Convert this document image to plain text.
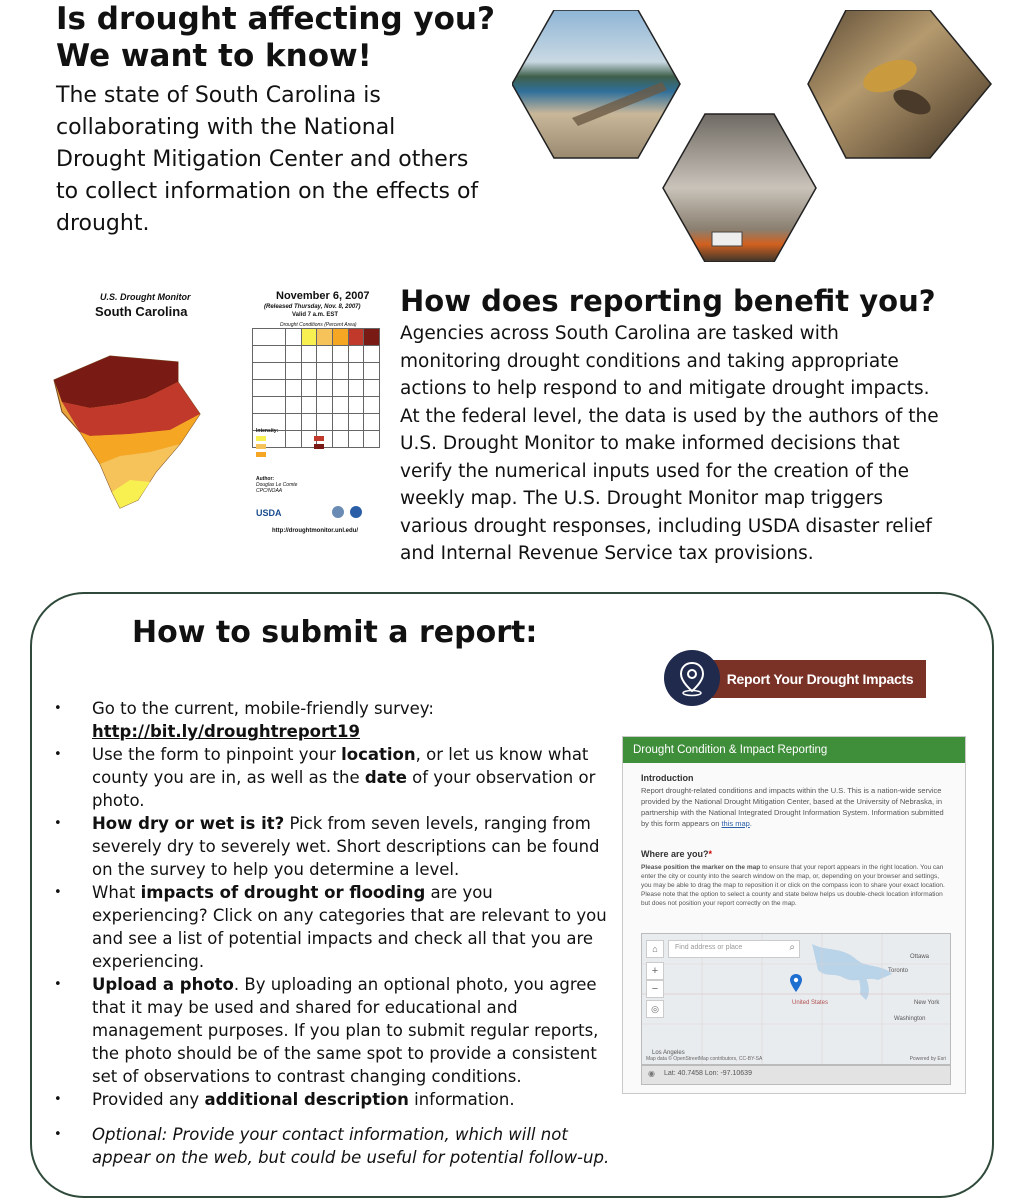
Is drought affecting you?
We want to know!
The state of South Carolina is
collaborating with the National
Drought Mitigation Center and others
to collect information on the effects of
drought.
U.S. Drought Monitor
South Carolina
November 6, 2007
(Released Thursday, Nov. 8, 2007)
Valid 7 a.m. EST
Drought Conditions (Percent Area)

Intensity:
Author:
Douglas Le Comte
CPC/NOAA
USDA
http://droughtmonitor.unl.edu/
How does reporting benefit you?
Agencies across South Carolina are tasked with
monitoring drought conditions and taking appropriate
actions to help respond to and mitigate drought impacts.
At the federal level, the data is used by the authors of the
U.S. Drought Monitor to make informed decisions that
verify the numerical inputs used for the creation of the
weekly map. The U.S. Drought Monitor map triggers
various drought responses, including USDA disaster relief
and Internal Revenue Service tax provisions.
How to submit a report:
• Go to the current, mobile-friendly survey:
http://bit.ly/droughtreport19
• Use the form to pinpoint your location, or let us know what county you are in, as well as the date of your observation or photo.
• How dry or wet is it? Pick from seven levels, ranging from severely dry to severely wet. Short descriptions can be found on the survey to help you determine a level.
• What impacts of drought or flooding are you experiencing? Click on any categories that are relevant to you and see a list of potential impacts and check all that you are experiencing.
• Upload a photo. By uploading an optional photo, you agree that it may be used and shared for educational and management purposes. If you plan to submit regular reports, the photo should be of the same spot to provide a consistent set of observations to contrast changing conditions.
• Provided any additional description information.
• Optional: Provide your contact information, which will not appear on the web, but could be useful for potential follow-up.
Report Your Drought Impacts
Drought Condition & Impact Reporting
Introduction
Report drought-related conditions and impacts within the U.S. This is a nation-wide service provided by the National Drought Mitigation Center, based at the University of Nebraska, in partnership with the National Integrated Drought Information System. Information submitted by this form appears on this map.
Where are you?*
Please position the marker on the map to ensure that your report appears in the right location. You can enter the city or county into the search window on the map, or, depending on your browser and settings, you may be able to drag the map to reposition it or click on the compass icon to share your exact location. Please note that the option to select a county and state below helps us double-check location information but does not position your report correctly on the map.
Find address or place	⌕
⌂
+
−
◎
United States
Ottawa
Toronto
New York
Washington
Los Angeles
Map data © OpenStreetMap contributors, CC-BY-SA	Powered by Esri
◉ Lat: 40.7458 Lon: -97.10639
